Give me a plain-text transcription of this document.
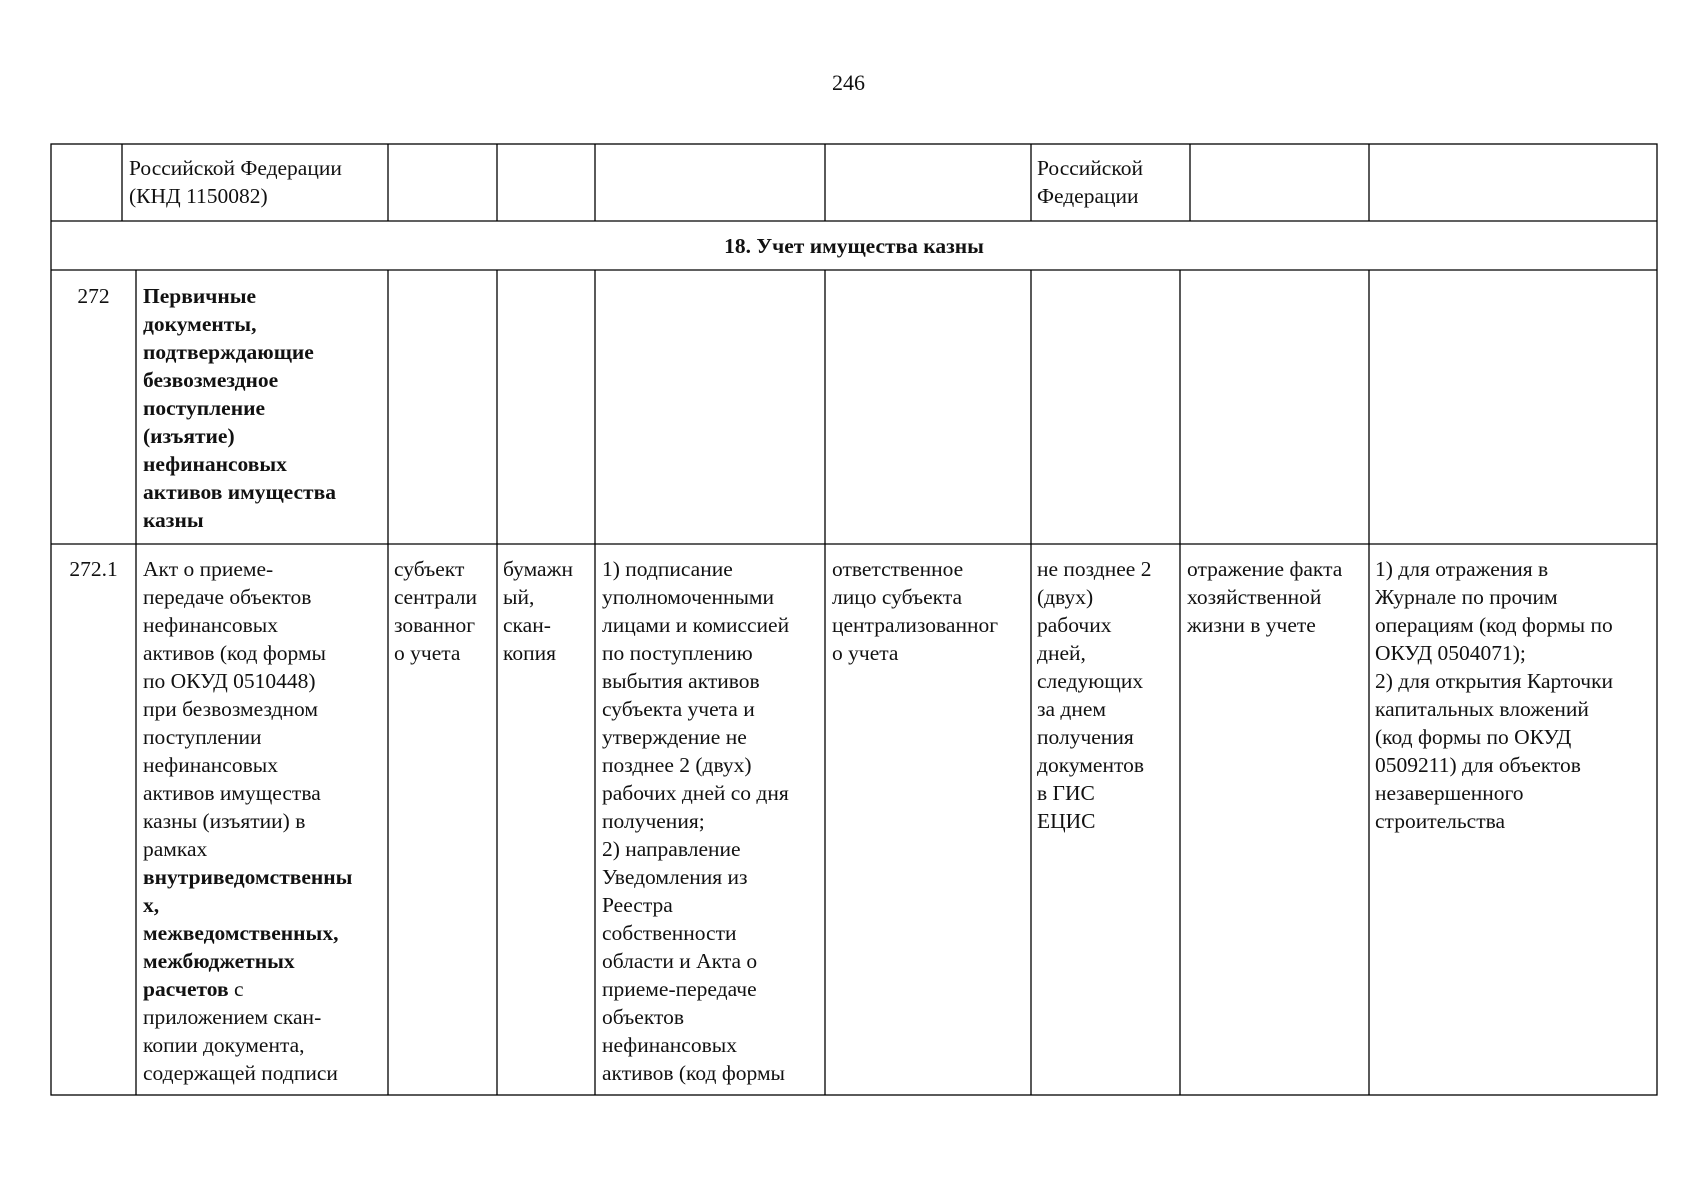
246
Российской Федерации
(КНД 1150082)
Российской
Федерации
18. Учет имущества казны
272	Первичные
документы,
подтверждающие
безвозмездное
поступление
(изъятие)
нефинансовых
активов имущества
казны
272.1	Акт о приеме-
передаче объектов
нефинансовых
активов (код формы
по ОКУД 0510448)
при безвозмездном
поступлении
нефинансовых
активов имущества
казны (изъятии) в
рамках
внутриведомственны
х,
межведомственных,
межбюджетных
расчетов с
приложением скан-
копии документа,
содержащей подписи
субъект
cентрали
зованног
о учета
бумажн
ый,
скан-
копия
1) подписание
уполномоченными
лицами и комиссией
по поступлению
выбытия активов
субъекта учета и
утверждение не
позднее 2 (двух)
рабочих дней со дня
получения;
2) направление
Уведомления из
Реестра
собственности
области и Акта о
приеме-передаче
объектов
нефинансовых
активов (код формы
ответственное
лицо субъекта
централизованног
о учета
не позднее 2
(двух)
рабочих
дней,
следующих
за днем
получения
документов
в ГИС
ЕЦИС
отражение факта
хозяйственной
жизни в учете
1) для отражения в
Журнале по прочим
операциям (код формы по
ОКУД 0504071);
2) для открытия Карточки
капитальных вложений
(код формы по ОКУД
0509211) для объектов
незавершенного
строительства
